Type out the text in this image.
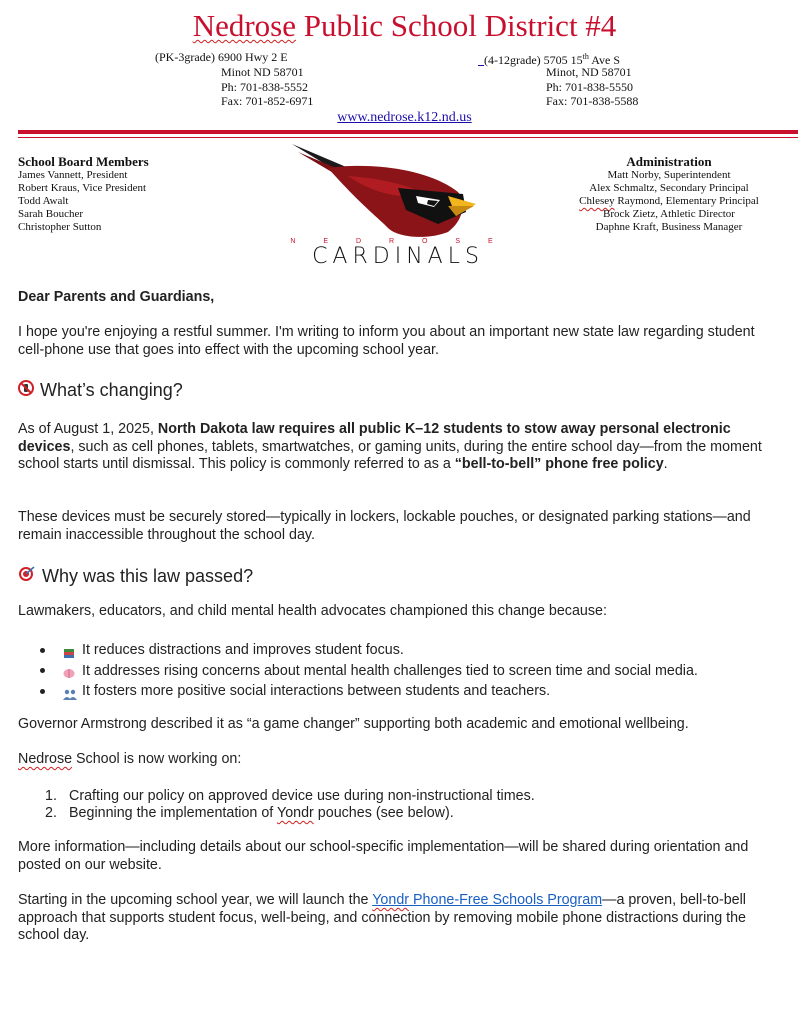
Nedrose Public School District #4
(PK-3grade) 6900 Hwy 2 E
Minot ND 58701
Ph: 701-838-5552
Fax: 701-852-6971
(4-12grade) 5705 15th Ave S
Minot, ND 58701
Ph: 701-838-5550
Fax: 701-838-5588
www.nedrose.k12.nd.us
School Board Members
James Vannett, President
Robert Kraus, Vice President
Todd Awalt
Sarah Boucher
Christopher Sutton
Administration
Matt Norby, Superintendent
Alex Schmaltz, Secondary Principal
Chlesey Raymond, Elementary Principal
Brock Zietz, Athletic Director
Daphne Kraft, Business Manager
N E D R O S E
CARDINALS
Dear Parents and Guardians,
I hope you're enjoying a restful summer. I'm writing to inform you about an important new state law regarding student cell-phone use that goes into effect with the upcoming school year.
What’s changing?
As of August 1, 2025, North Dakota law requires all public K–12 students to stow away personal electronic devices, such as cell phones, tablets, smartwatches, or gaming units, during the entire school day—from the moment school starts until dismissal. This policy is commonly referred to as a “bell-to-bell” phone free policy.
These devices must be securely stored—typically in lockers, lockable pouches, or designated parking stations—and remain inaccessible throughout the school day.
Why was this law passed?
Lawmakers, educators, and child mental health advocates championed this change because:
It reduces distractions and improves student focus.
It addresses rising concerns about mental health challenges tied to screen time and social media.
It fosters more positive social interactions between students and teachers.
Governor Armstrong described it as “a game changer” supporting both academic and emotional wellbeing.
Nedrose School is now working on:
1. Crafting our policy on approved device use during non-instructional times.
2. Beginning the implementation of Yondr pouches (see below).
More information—including details about our school-specific implementation—will be shared during orientation and posted on our website.
Starting in the upcoming school year, we will launch the Yondr Phone-Free Schools Program—a proven, bell-to-bell approach that supports student focus, well-being, and connection by removing mobile phone distractions during the school day.
